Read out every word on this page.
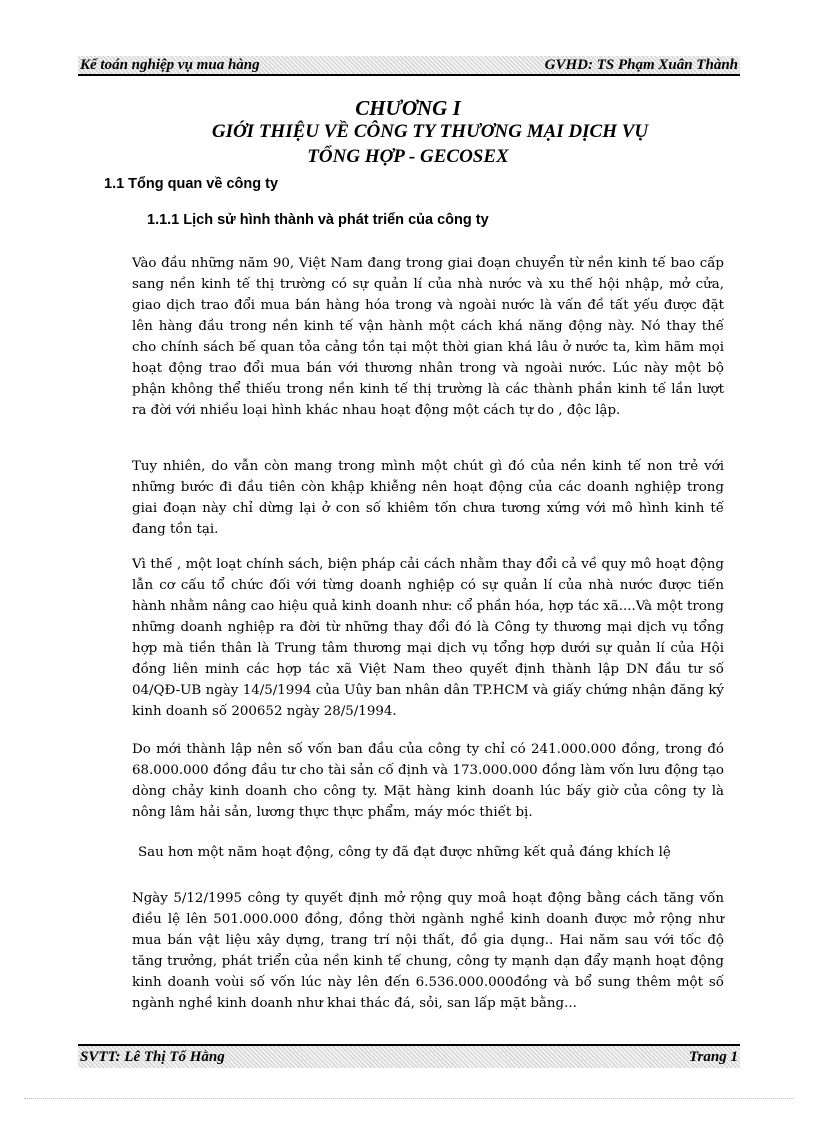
Kế toán nghiệp vụ mua hàng	GVHD: TS Phạm Xuân Thành
CHƯƠNG I
GIỚI THIỆU VỀ CÔNG TY THƯƠNG MẠI DỊCH VỤ
TỔNG HỢP - GECOSEX
1.1 Tổng quan về công ty
1.1.1 Lịch sử hình thành và phát triển của công ty

Vào đầu những năm 90, Việt Nam đang trong giai đoạn chuyển từ nền kinh tế bao cấp sang nền kinh tế thị trường có sự quản lí của nhà nước và xu thế hội nhập, mở cửa, giao dịch trao đổi mua bán hàng hóa trong và ngoài nước là vấn đề tất yếu được đặt lên hàng đầu trong nền kinh tế vận hành một cách khá năng động này. Nó thay thế cho chính sách bế quan tỏa cảng tồn tại một thời gian khá lâu ở nước ta, kìm hãm mọi hoạt động trao đổi mua bán với thương nhân trong và ngoài nước. Lúc này một bộ phận không thể thiếu trong nền kinh tế thị trường là các thành phần kinh tế lần lượt ra đời với nhiều loại hình khác nhau hoạt động một cách tự do , độc lập.

Tuy nhiên, do vẫn còn mang trong mình một chút gì đó của nền kinh tế non trẻ với những bước đi đầu tiên còn khập khiễng nên hoạt động của các doanh nghiệp trong giai đoạn này chỉ dừng lại ở con số khiêm tốn chưa tương xứng với mô hình kinh tế đang tồn tại.

Vì thế , một loạt chính sách, biện pháp cải cách nhằm thay đổi cả về quy mô hoạt động lẫn cơ cấu tổ chức đối với từng doanh nghiệp có sự quản lí của nhà nước được tiến hành nhằm nâng cao hiệu quả kinh doanh như: cổ phần hóa, hợp tác xã....Và một trong những doanh nghiệp ra đời từ những thay đổi đó là Công ty thương mại dịch vụ tổng hợp mà tiền thân là Trung tâm thương mại dịch vụ tổng hợp dưới sự quản lí của Hội đồng liên minh các hợp tác xã Việt Nam theo quyết định thành lập DN đầu tư số 04/QĐ-UB ngày 14/5/1994 của Uûy ban nhân dân TP.HCM và giấy chứng nhận đăng ký kinh doanh số 200652 ngày 28/5/1994.

Do mới thành lập nên số vốn ban đầu của công ty chỉ có 241.000.000 đồng, trong đó 68.000.000 đồng đầu tư cho tài sản cố định và 173.000.000 đồng làm vốn lưu động tạo dòng chảy kinh doanh cho công ty. Mặt hàng kinh doanh lúc bấy giờ của công ty là nông lâm hải sản, lương thực thực phẩm, máy móc thiết bị.

Sau hơn một năm hoạt động, công ty đã đạt được những kết quả đáng khích lệ

Ngày 5/12/1995 công ty quyết định mở rộng quy moâ hoạt động bằng cách tăng vốn điều lệ lên 501.000.000 đồng, đồng thời ngành nghề kinh doanh được mở rộng như mua bán vật liệu xây dựng, trang trí nội thất, đồ gia dụng.. Hai năm sau với tốc độ tăng trưởng, phát triển của nền kinh tế chung, công ty mạnh dạn đẩy mạnh hoạt động kinh doanh voùi số vốn lúc này lên đến 6.536.000.000đồng và bổ sung thêm một số ngành nghề kinh doanh như khai thác đá, sỏi, san lấp mặt bằng...

SVTT: Lê Thị Tố Hằng	Trang 1
